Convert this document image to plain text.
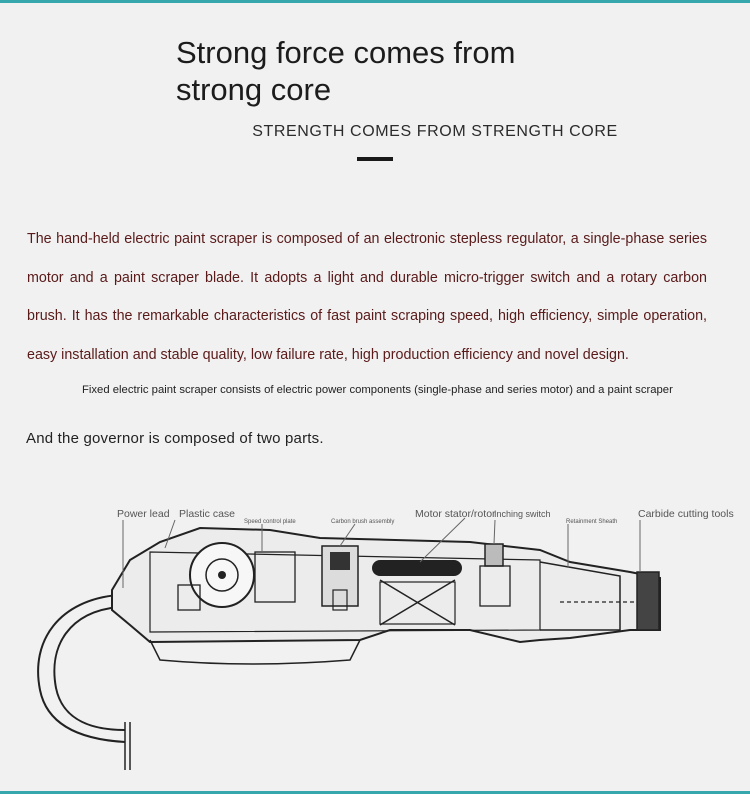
Strong force comes from strong core
STRENGTH COMES FROM STRENGTH CORE

The hand-held electric paint scraper is composed of an electronic stepless regulator, a single-phase series motor and a paint scraper blade. It adopts a light and durable micro-trigger switch and a rotary carbon brush. It has the remarkable characteristics of fast paint scraping speed, high efficiency, simple operation, easy installation and stable quality, low failure rate, high production efficiency and novel design.

Fixed electric paint scraper consists of electric power components (single-phase and series motor) and a paint scraper

And the governor is composed of two parts.

Power lead Plastic case
Speed control plate	Carbon brush assembly
Motor stator/rotor
Inching switch
Retainment Sheath
Carbide cutting tools
